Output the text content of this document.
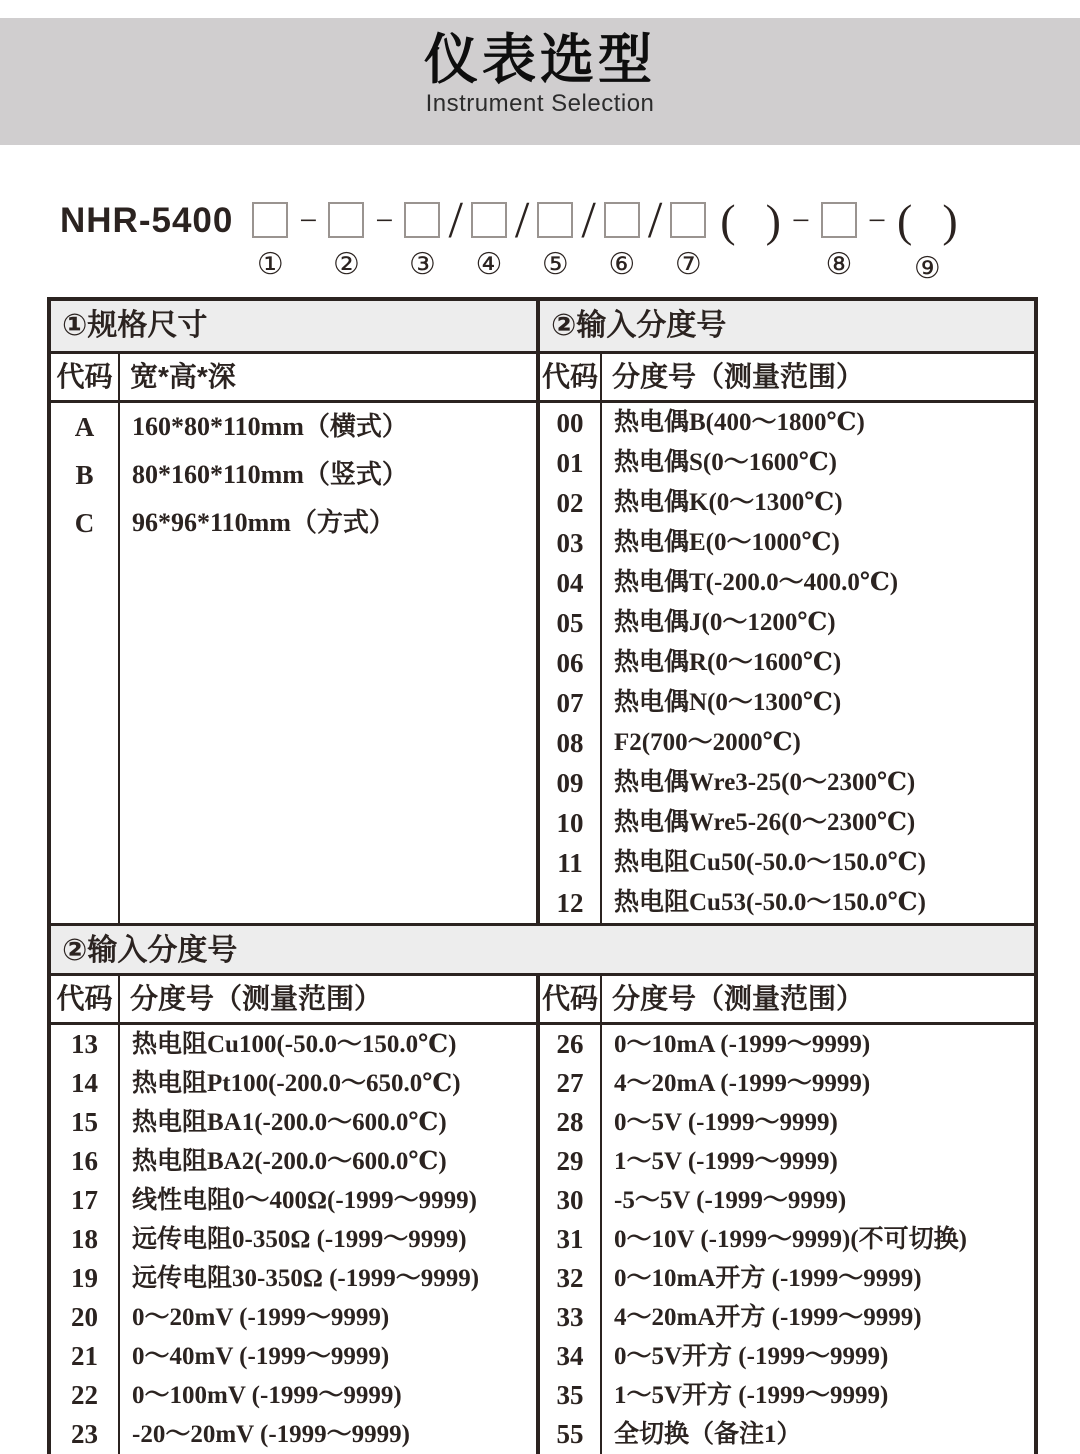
仪表选型
Instrument Selection
NHR-5400
①
−
②
−
③
/
④
/
⑤
/
⑥
/
⑦
( ) −
⑧
− ( )
⑨
①规格尺寸	②输入分度号
代码 宽*高*深
A
B
C
160*80*110mm（横式）
80*160*110mm（竖式）
96*96*110mm（方式）
代码 分度号（测量范围）
00
01
02
03
04
05
06
07
08
09
10
11
12
热电偶B(400～1800℃)
热电偶S(0～1600℃)
热电偶K(0～1300℃)
热电偶E(0～1000℃)
热电偶T(-200.0～400.0℃)
热电偶J(0～1200℃)
热电偶R(0～1600℃)
热电偶N(0～1300℃)
F2(700～2000℃)
热电偶Wre3-25(0～2300℃)
热电偶Wre5-26(0～2300℃)
热电阻Cu50(-50.0～150.0℃)
热电阻Cu53(-50.0～150.0℃)
②输入分度号
代码 分度号（测量范围）
13
14
15
16
17
18
19
20
21
22
23
热电阻Cu100(-50.0～150.0℃)
热电阻Pt100(-200.0～650.0℃)
热电阻BA1(-200.0～600.0℃)
热电阻BA2(-200.0～600.0℃)
线性电阻0～400Ω(-1999～9999)
远传电阻0-350Ω (-1999～9999)
远传电阻30-350Ω (-1999～9999)
0～20mV (-1999～9999)
0～40mV (-1999～9999)
0～100mV (-1999～9999)
-20～20mV (-1999～9999)
代码 分度号（测量范围）
26
27
28
29
30
31
32
33
34
35
55
0～10mA (-1999～9999)
4～20mA (-1999～9999)
0～5V (-1999～9999)
1～5V (-1999～9999)
-5～5V (-1999～9999)
0～10V (-1999～9999)(不可切换)
0～10mA开方 (-1999～9999)
4～20mA开方 (-1999～9999)
0～5V开方 (-1999～9999)
1～5V开方 (-1999～9999)
全切换（备注1）
